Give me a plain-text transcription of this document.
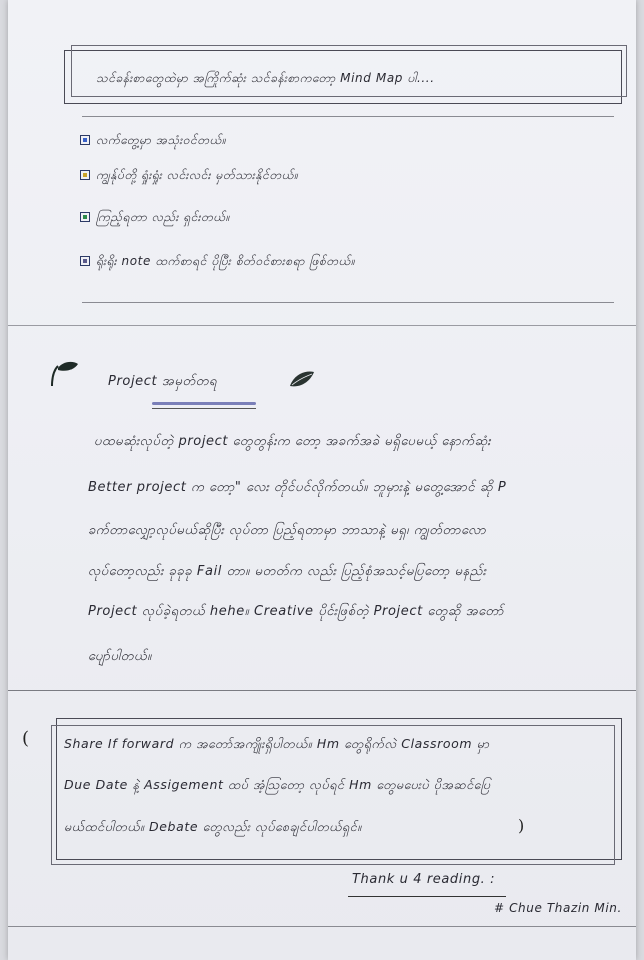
သင်ခန်းစာတွေထဲမှာ အကြိုက်ဆုံး သင်ခန်းစာကတော့ Mind Map ပါ....
လက်တွေ့မှာ အသုံးဝင်တယ်။
ကျွန်ုပ်တို့ ရှုံးရှုံး လင်းလင်း မှတ်သားနိုင်တယ်။
ကြည့်ရတာ လည်း ရှင်းတယ်။
ရိုးရိုး note ထက်စာရင် ပိုပြီး စိတ်ဝင်စားစရာ ဖြစ်တယ်။
Project အမှတ်တရ
ပထမဆုံးလုပ်တဲ့ project တွေတွန်းက တော့ အခက်အခဲ မရှိပေမယ့် နောက်ဆုံး
Better project က တော့" လေး တိုင်ပင်လိုက်တယ်။ ဘူမှားနဲ့ မတွေ့အောင် ဆို P
ခက်တာလျှော့လုပ်မယ်ဆိုပြီး လုပ်တာ ပြည့်ရတာမှာ ဘာသာနဲ့ မရှ၊ ကျွတ်တာလော
လုပ်တော့လည်း ခုခုခု Fail တာ။ မတတ်က လည်း ပြည့်စုံအသင့်မပြတော့ မနည်း
Project လုပ်ခဲ့ရတယ် hehe။ Creative ပိုင်းဖြစ်တဲ့ Project တွေဆို အတော်
ပျော်ပါတယ်။
(
)
Share If forward က အတော်အကျိုးရှိပါတယ်။ Hm တွေရိုက်လဲ Classroom မှာ
Due Date နဲ့ Assigement ထပ် အံ့ဩတော့ လုပ်ရင် Hm တွေမပေးပဲ ပိုအဆင်ပြေ
မယ်ထင်ပါတယ်။ Debate တွေလည်း လုပ်စေချင်ပါတယ်ရှင်။
Thank u 4 reading. :
# Chue Thazin Min.
